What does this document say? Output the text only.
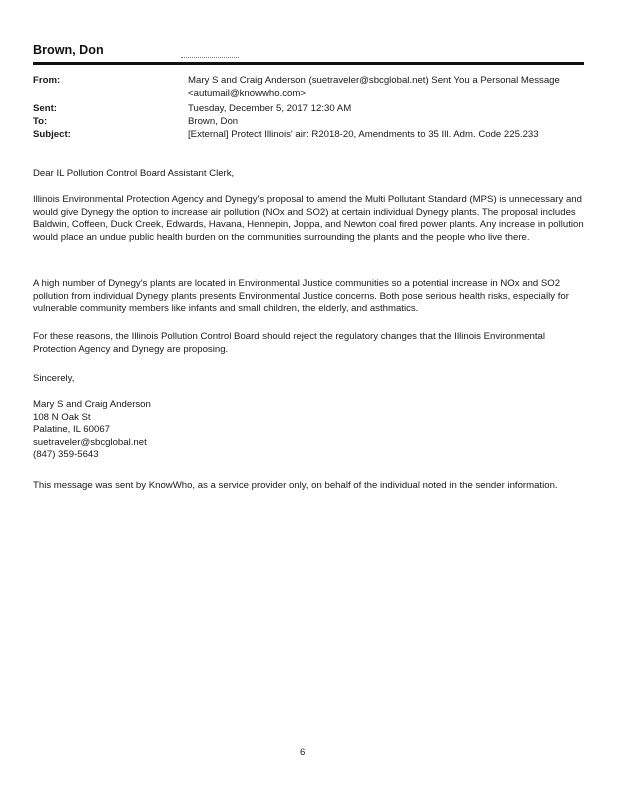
Brown, Don
From:	Mary S and Craig Anderson (suetraveler@sbcglobal.net) Sent You a Personal Message
<autumail@knowwho.com>
Sent:	Tuesday, December 5, 2017 12:30 AM
To:	Brown, Don
Subject:	[External] Protect Illinois' air: R2018-20, Amendments to 35 Ill. Adm. Code 225.233
Dear IL Pollution Control Board Assistant Clerk,

Illinois Environmental Protection Agency and Dynegy's proposal to amend the Multi Pollutant Standard (MPS) is unnecessary and would give Dynegy the option to increase air pollution (NOx and SO2) at certain individual Dynegy plants. The proposal includes Baldwin, Coffeen, Duck Creek, Edwards, Havana, Hennepin, Joppa, and Newton coal fired power plants. Any increase in pollution would place an undue public health burden on the communities surrounding the plants and the people who live there.

A high number of Dynegy's plants are located in Environmental Justice communities so a potential increase in NOx and SO2 pollution from individual Dynegy plants presents Environmental Justice concerns. Both pose serious health risks, especially for vulnerable community members like infants and small children, the elderly, and asthmatics.

For these reasons, the Illinois Pollution Control Board should reject the regulatory changes that the Illinois Environmental Protection Agency and Dynegy are proposing.

Sincerely,
Mary S and Craig Anderson
108 N Oak St
Palatine, IL 60067
suetraveler@sbcglobal.net
(847) 359-5643

This message was sent by KnowWho, as a service provider only, on behalf of the individual noted in the sender information.

6
